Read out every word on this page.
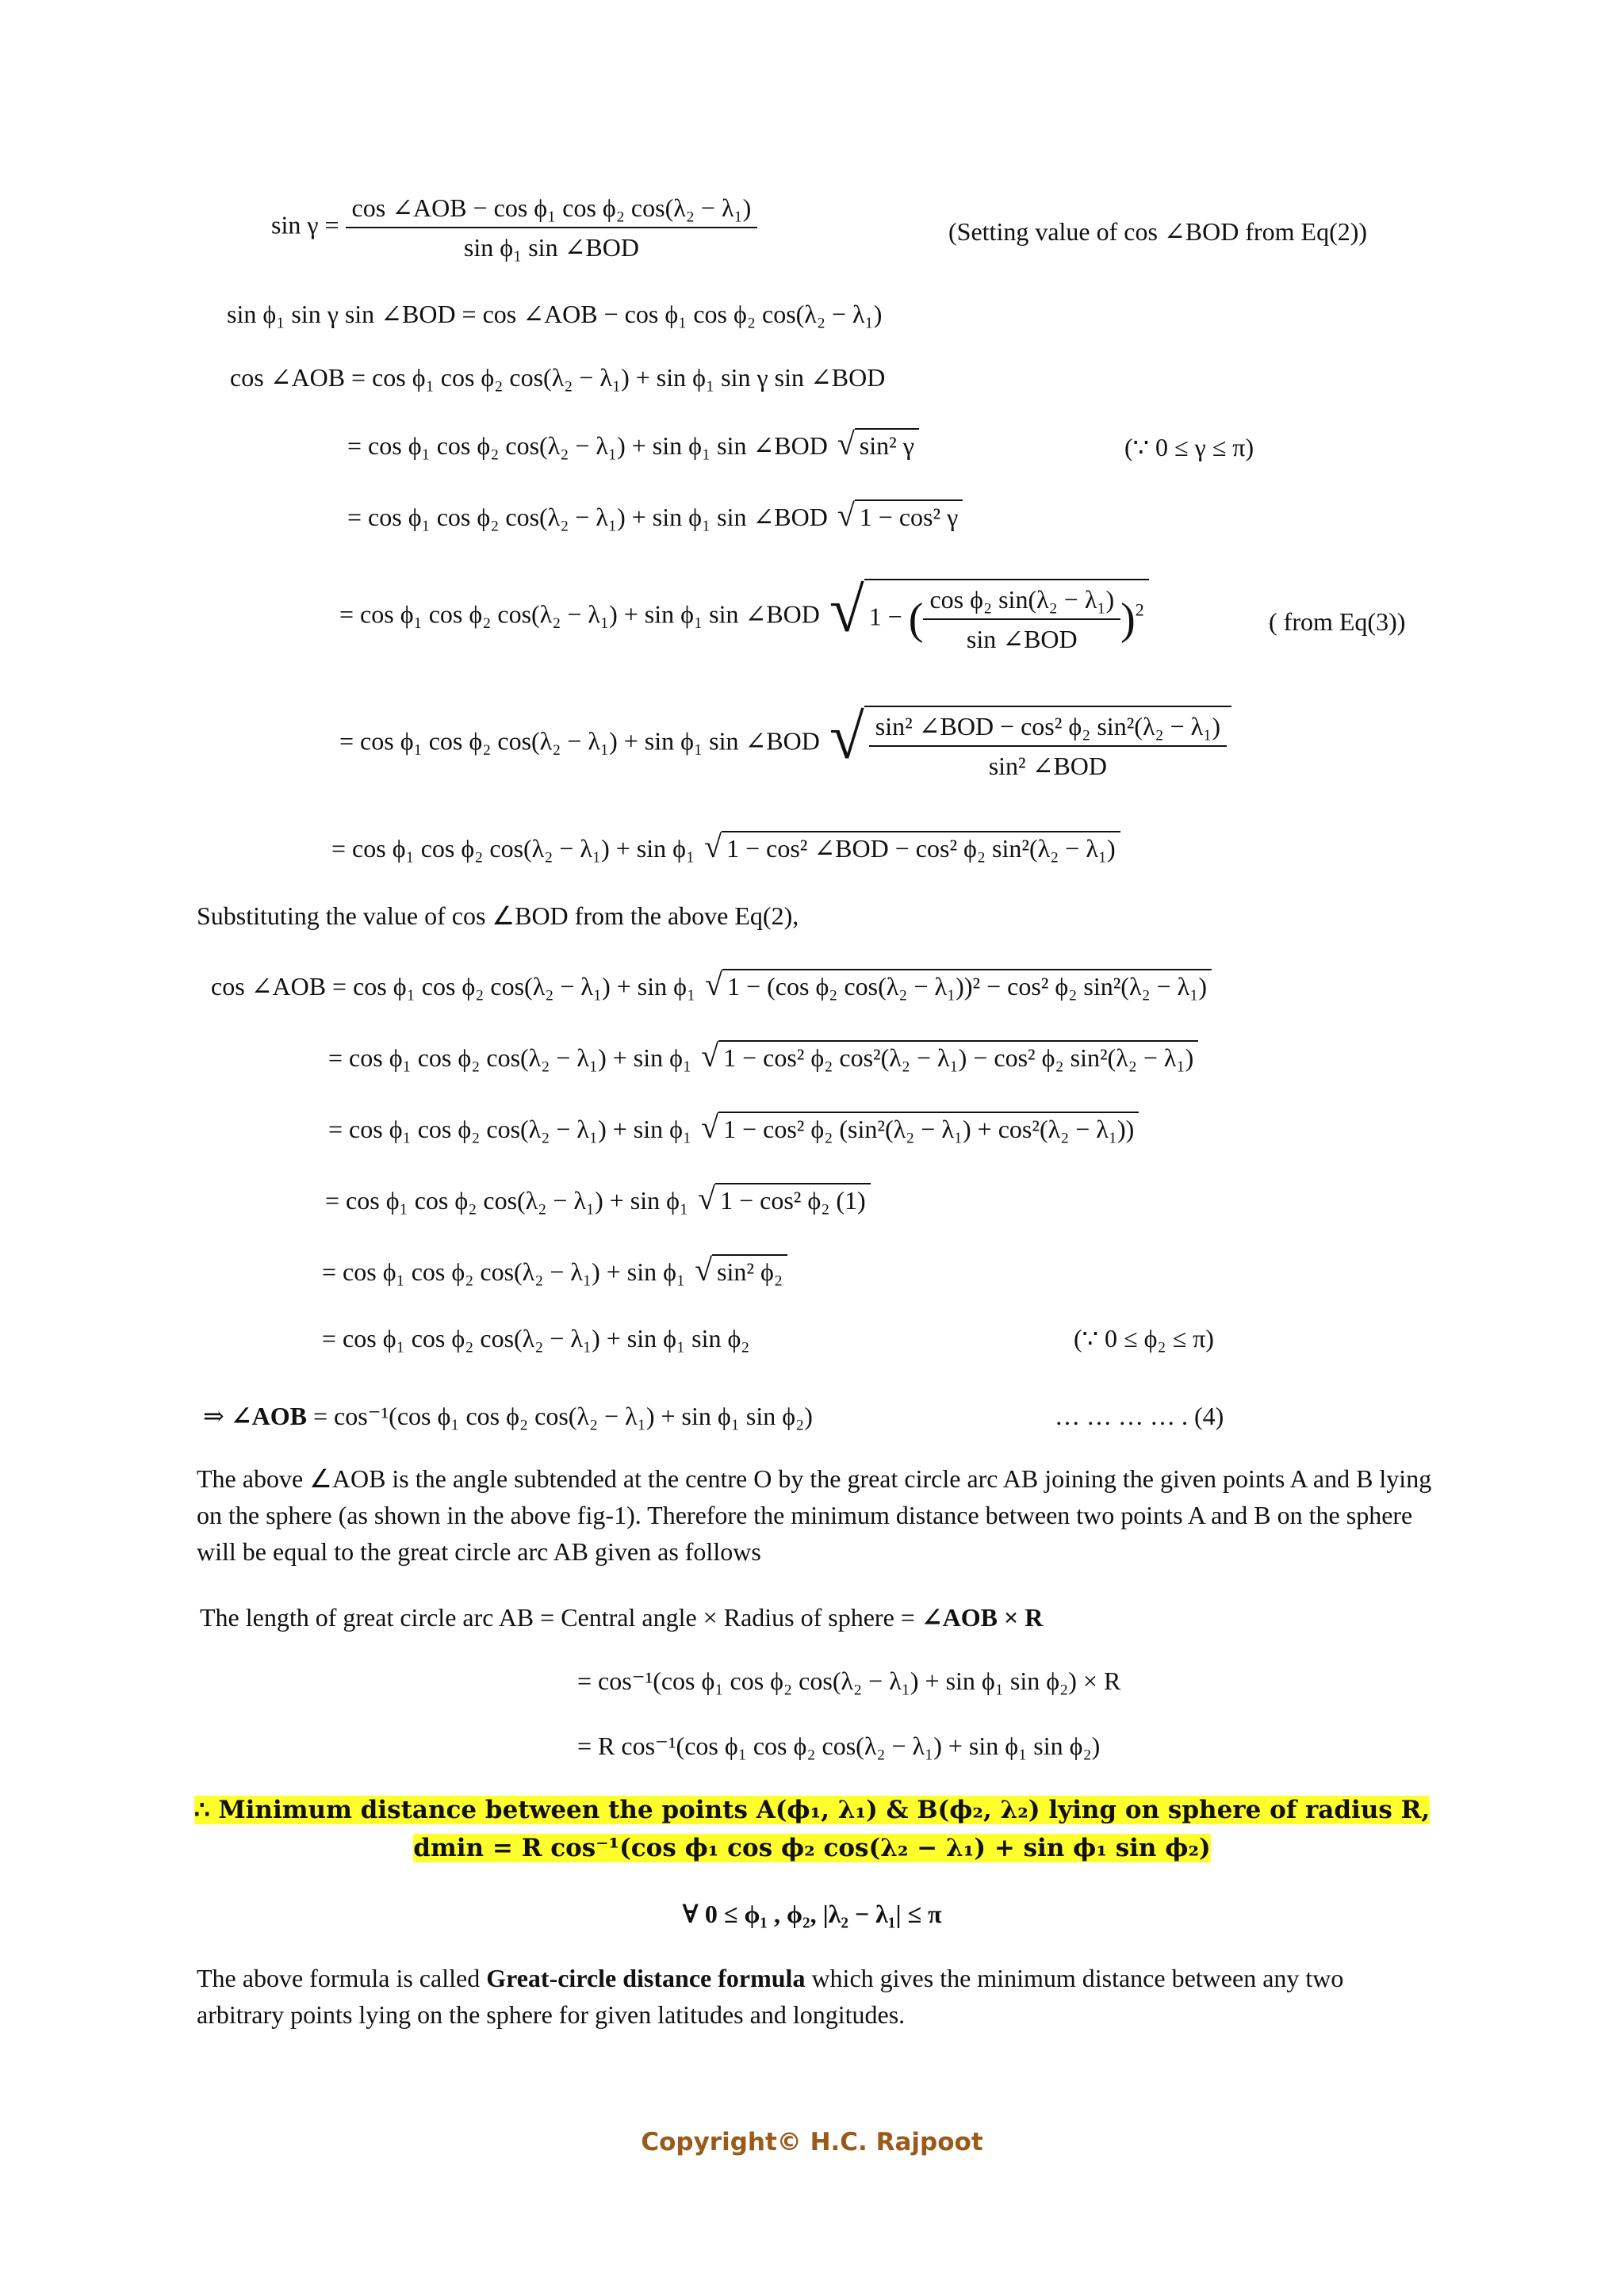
$\sin \gamma = \frac{\text{cos ∠AOB − cos ϕ₁ cos ϕ₂ cos(λ₂ − λ₁)}}{\text{sin ϕ₁ sin ∠BOD}}$	(Setting value of cos ∠BOD from Eq(2))
sin ϕ₁ sin γ sin ∠BOD = cos ∠AOB − cos ϕ₁ cos ϕ₂ cos(λ₂ − λ₁)
cos ∠AOB = cos ϕ₁ cos ϕ₂ cos(λ₂ − λ₁) + sin ϕ₁ sin γ sin ∠BOD
= cos ϕ₁ cos ϕ₂ cos(λ₂ − λ₁) + sin ϕ₁ sin ∠BOD √ sin² γ	(∵ 0 ≤ γ ≤ π)
= cos ϕ₁ cos ϕ₂ cos(λ₂ − λ₁) + sin ϕ₁ sin ∠BOD √ 1 − cos² γ
= cos ϕ₁ cos ϕ₂ cos(λ₂ − λ₁) + sin ϕ₁ sin ∠BOD √ 1 − ( $\frac{\text{cos ϕ₂ sin(λ₂ − λ₁)}}{\text{sin ∠BOD}} )^2$	( from Eq(3))
= cos ϕ₁ cos ϕ₂ cos(λ₂ − λ₁) + sin ϕ₁ sin ∠BOD √ $\frac{\text{sin² ∠BOD − cos² ϕ₂ sin²(λ₂ − λ₁)}}{\text{sin² ∠BOD}}$
= cos ϕ₁ cos ϕ₂ cos(λ₂ − λ₁) + sin ϕ₁ √ 1 − cos² ∠BOD − cos² ϕ₂ sin²(λ₂ − λ₁)
Substituting the value of cos ∠BOD from the above Eq(2),
cos ∠AOB = cos ϕ₁ cos ϕ₂ cos(λ₂ − λ₁) + sin ϕ₁ √ 1 − (cos ϕ₂ cos(λ₂ − λ₁))² − cos² ϕ₂ sin²(λ₂ − λ₁)
= cos ϕ₁ cos ϕ₂ cos(λ₂ − λ₁) + sin ϕ₁ √ 1 − cos² ϕ₂ cos²(λ₂ − λ₁) − cos² ϕ₂ sin²(λ₂ − λ₁)
= cos ϕ₁ cos ϕ₂ cos(λ₂ − λ₁) + sin ϕ₁ √ 1 − cos² ϕ₂ (sin²(λ₂ − λ₁) + cos²(λ₂ − λ₁))
= cos ϕ₁ cos ϕ₂ cos(λ₂ − λ₁) + sin ϕ₁ √ 1 − cos² ϕ₂ (1)
= cos ϕ₁ cos ϕ₂ cos(λ₂ − λ₁) + sin ϕ₁ √ sin² ϕ₂
= cos ϕ₁ cos ϕ₂ cos(λ₂ − λ₁) + sin ϕ₁ sin ϕ₂	(∵ 0 ≤ ϕ₂ ≤ π)
⇒ ∠AOB = cos⁻¹(cos ϕ₁ cos ϕ₂ cos(λ₂ − λ₁) + sin ϕ₁ sin ϕ₂)	… … … … . (4)
The above ∠AOB is the angle subtended at the centre O by the great circle arc AB joining the given points A and B lying on the sphere (as shown in the above fig-1). Therefore the minimum distance between two points A and B on the sphere will be equal to the great circle arc AB given as follows
The length of great circle arc AB = Central angle × Radius of sphere = ∠AOB × R
= cos⁻¹(cos ϕ₁ cos ϕ₂ cos(λ₂ − λ₁) + sin ϕ₁ sin ϕ₂) × R
= R cos⁻¹(cos ϕ₁ cos ϕ₂ cos(λ₂ − λ₁) + sin ϕ₁ sin ϕ₂)
∴ Minimum distance between the points A(ϕ₁, λ₁) & B(ϕ₂, λ₂) lying on sphere of radius R,
dmin = R cos⁻¹(cos ϕ₁ cos ϕ₂ cos(λ₂ − λ₁) + sin ϕ₁ sin ϕ₂)
∀ 0 ≤ ϕ₁ , ϕ₂, |λ₂ − λ₁| ≤ π
The above formula is called Great-circle distance formula which gives the minimum distance between any two arbitrary points lying on the sphere for given latitudes and longitudes.
Copyright© H.C. Rajpoot
